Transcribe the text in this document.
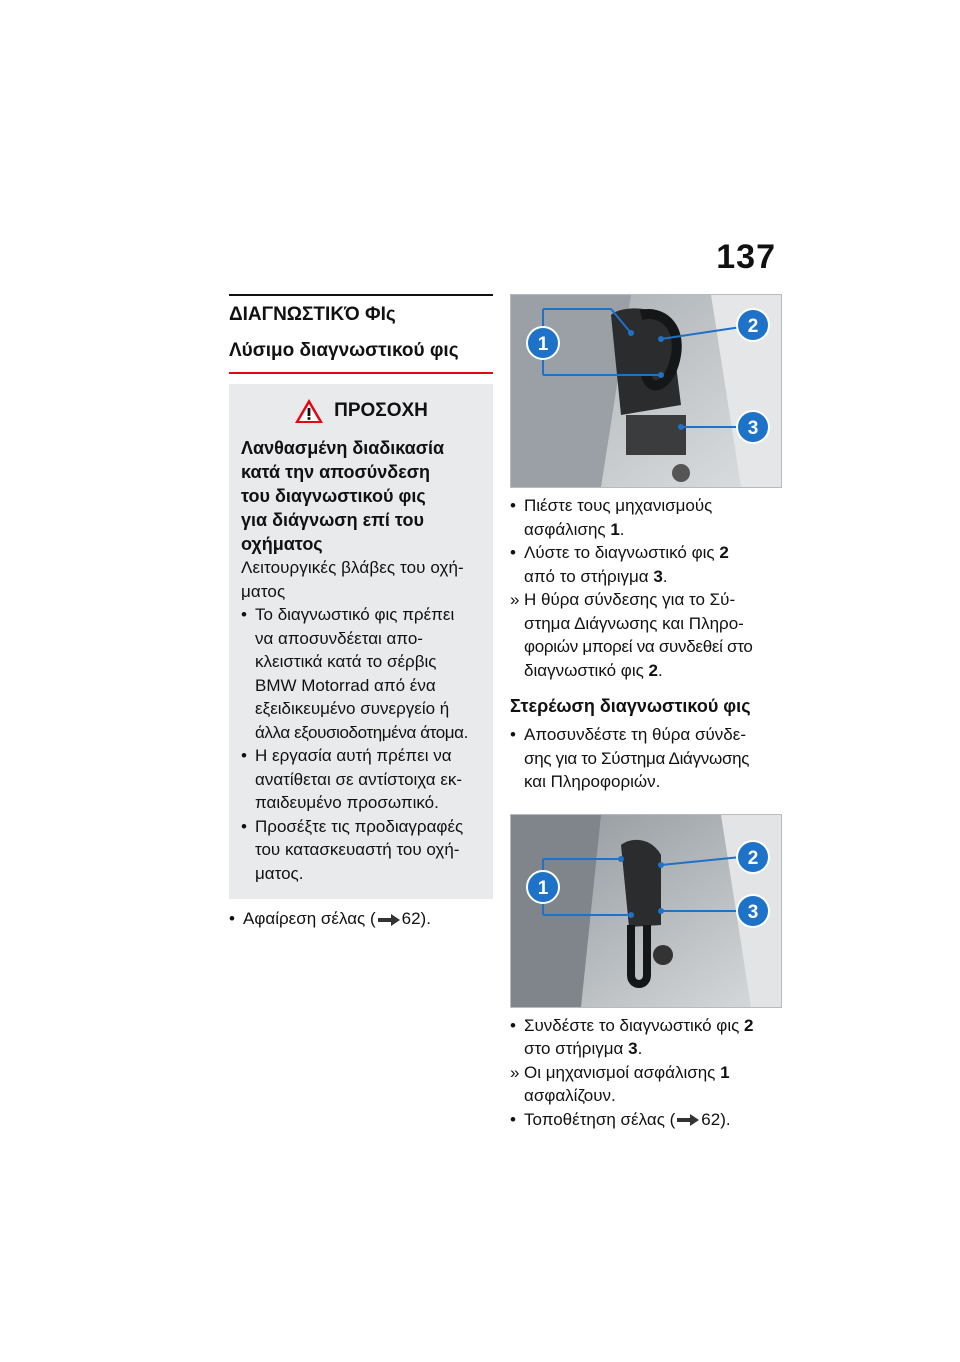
137
ΔΙΑΓΝΩΣΤΙΚΌ ΦΙς
Λύσιμο διαγνωστικού φις
ΠΡΟΣΟΧΗ
Λανθασμένη διαδικασία
κατά την αποσύνδεση
του διαγνωστικού φις
για διάγνωση επί του
οχήματος
Λειτουργικές βλάβες του οχή-
ματος
• Το διαγνωστικό φις πρέπει
να αποσυνδέεται απο-
κλειστικά κατά το σέρβις
BMW Motorrad από ένα
εξειδικευμένο συνεργείο ή
άλλα εξουσιοδοτημένα άτομα.
• Η εργασία αυτή πρέπει να
ανατίθεται σε αντίστοιχα εκ-
παιδευμένο προσωπικό.
• Προσέξτε τις προδιαγραφές
του κατασκευαστή του οχή-
ματος.
• Αφαίρεση σέλας ( 62).
1
2
3
• Πιέστε τους μηχανισμούς
ασφάλισης 1.
• Λύστε το διαγνωστικό φις 2
από το στήριγμα 3.
» Η θύρα σύνδεσης για το Σύ-
στημα Διάγνωσης και Πληρο-
φοριών μπορεί να συνδεθεί στο
διαγνωστικό φις 2.
Στερέωση διαγνωστικού φις
• Αποσυνδέστε τη θύρα σύνδε-
σης για το Σύστημα Διάγνωσης
και Πληροφοριών.
1
2
3
• Συνδέστε το διαγνωστικό φις 2
στο στήριγμα 3.
» Οι μηχανισμοί ασφάλισης 1
ασφαλίζουν.
• Τοποθέτηση σέλας ( 62).
